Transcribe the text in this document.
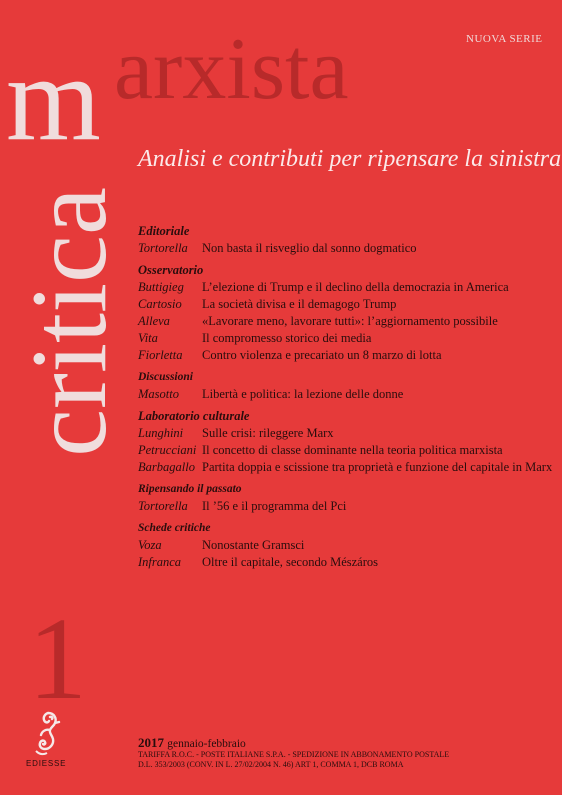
NUOVA SERIE
critica
m arxista
Analisi e contributi per ripensare la sinistra
Editoriale
Tortorella	Non basta il risveglio dal sonno dogmatico
Osservatorio
Buttigieg	L’elezione di Trump e il declino della democrazia in America
Cartosio	La società divisa e il demagogo Trump
Alleva	«Lavorare meno, lavorare tutti»: l’aggiornamento possibile
Vita	Il compromesso storico dei media
Fiorletta	Contro violenza e precariato un 8 marzo di lotta
Discussioni
Masotto	Libertà e politica: la lezione delle donne
Laboratorio culturale
Lunghini	Sulle crisi: rileggere Marx
Petrucciani Il concetto di classe dominante nella teoria politica marxista
Barbagallo Partita doppia e scissione tra proprietà e funzione del capitale in Marx
Ripensando il passato
Tortorella	Il ’56 e il programma del Pci
Schede critiche
Voza	Nonostante Gramsci
Infranca	Oltre il capitale, secondo Mészáros
1
EDIESSE
2017 gennaio-febbraio
TARIFFA R.O.C. - POSTE ITALIANE S.P.A. - SPEDIZIONE IN ABBONAMENTO POSTALE
D.L. 353/2003 (CONV. IN L. 27/02/2004 N. 46) ART 1, COMMA 1, DCB ROMA
